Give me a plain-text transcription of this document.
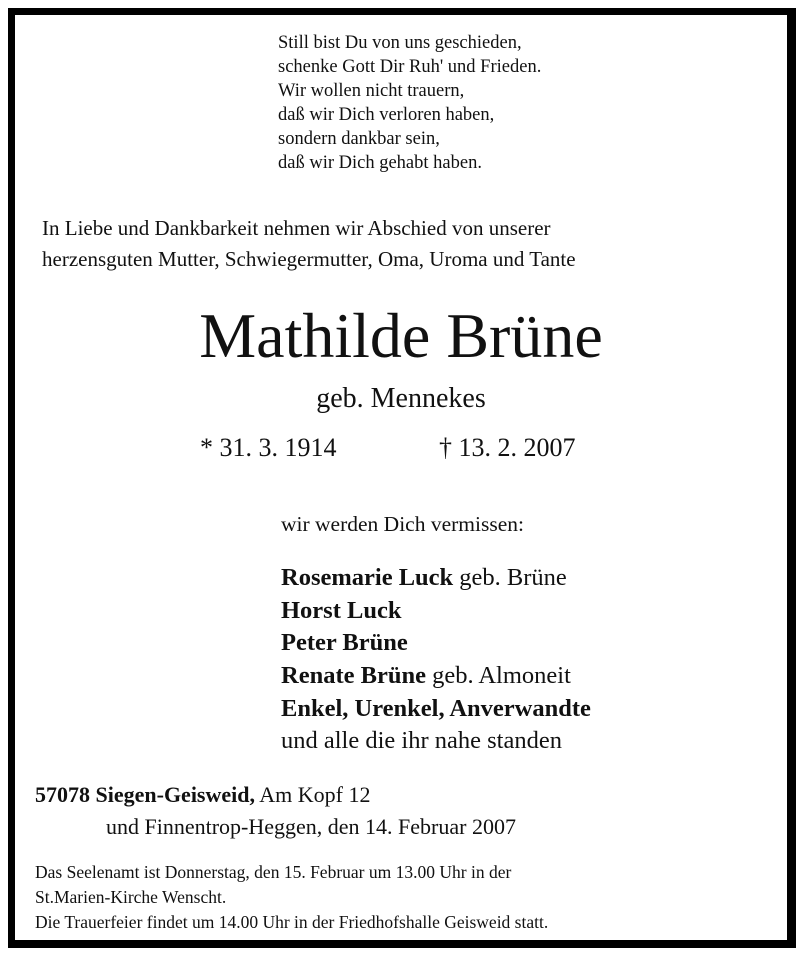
Still bist Du von uns geschieden,
schenke Gott Dir Ruh' und Frieden.
Wir wollen nicht trauern,
daß wir Dich verloren haben,
sondern dankbar sein,
daß wir Dich gehabt haben.
In Liebe und Dankbarkeit nehmen wir Abschied von unserer
herzensguten Mutter, Schwiegermutter, Oma, Uroma und Tante
Mathilde Brüne
geb. Mennekes
* 31. 3. 1914	† 13. 2. 2007
wir werden Dich vermissen:
Rosemarie Luck geb. Brüne
Horst Luck
Peter Brüne
Renate Brüne geb. Almoneit
Enkel, Urenkel, Anverwandte
und alle die ihr nahe standen
57078 Siegen-Geisweid, Am Kopf 12
und Finnentrop-Heggen, den 14. Februar 2007
Das Seelenamt ist Donnerstag, den 15. Februar um 13.00 Uhr in der
St.Marien-Kirche Wenscht.
Die Trauerfeier findet um 14.00 Uhr in der Friedhofshalle Geisweid statt.
